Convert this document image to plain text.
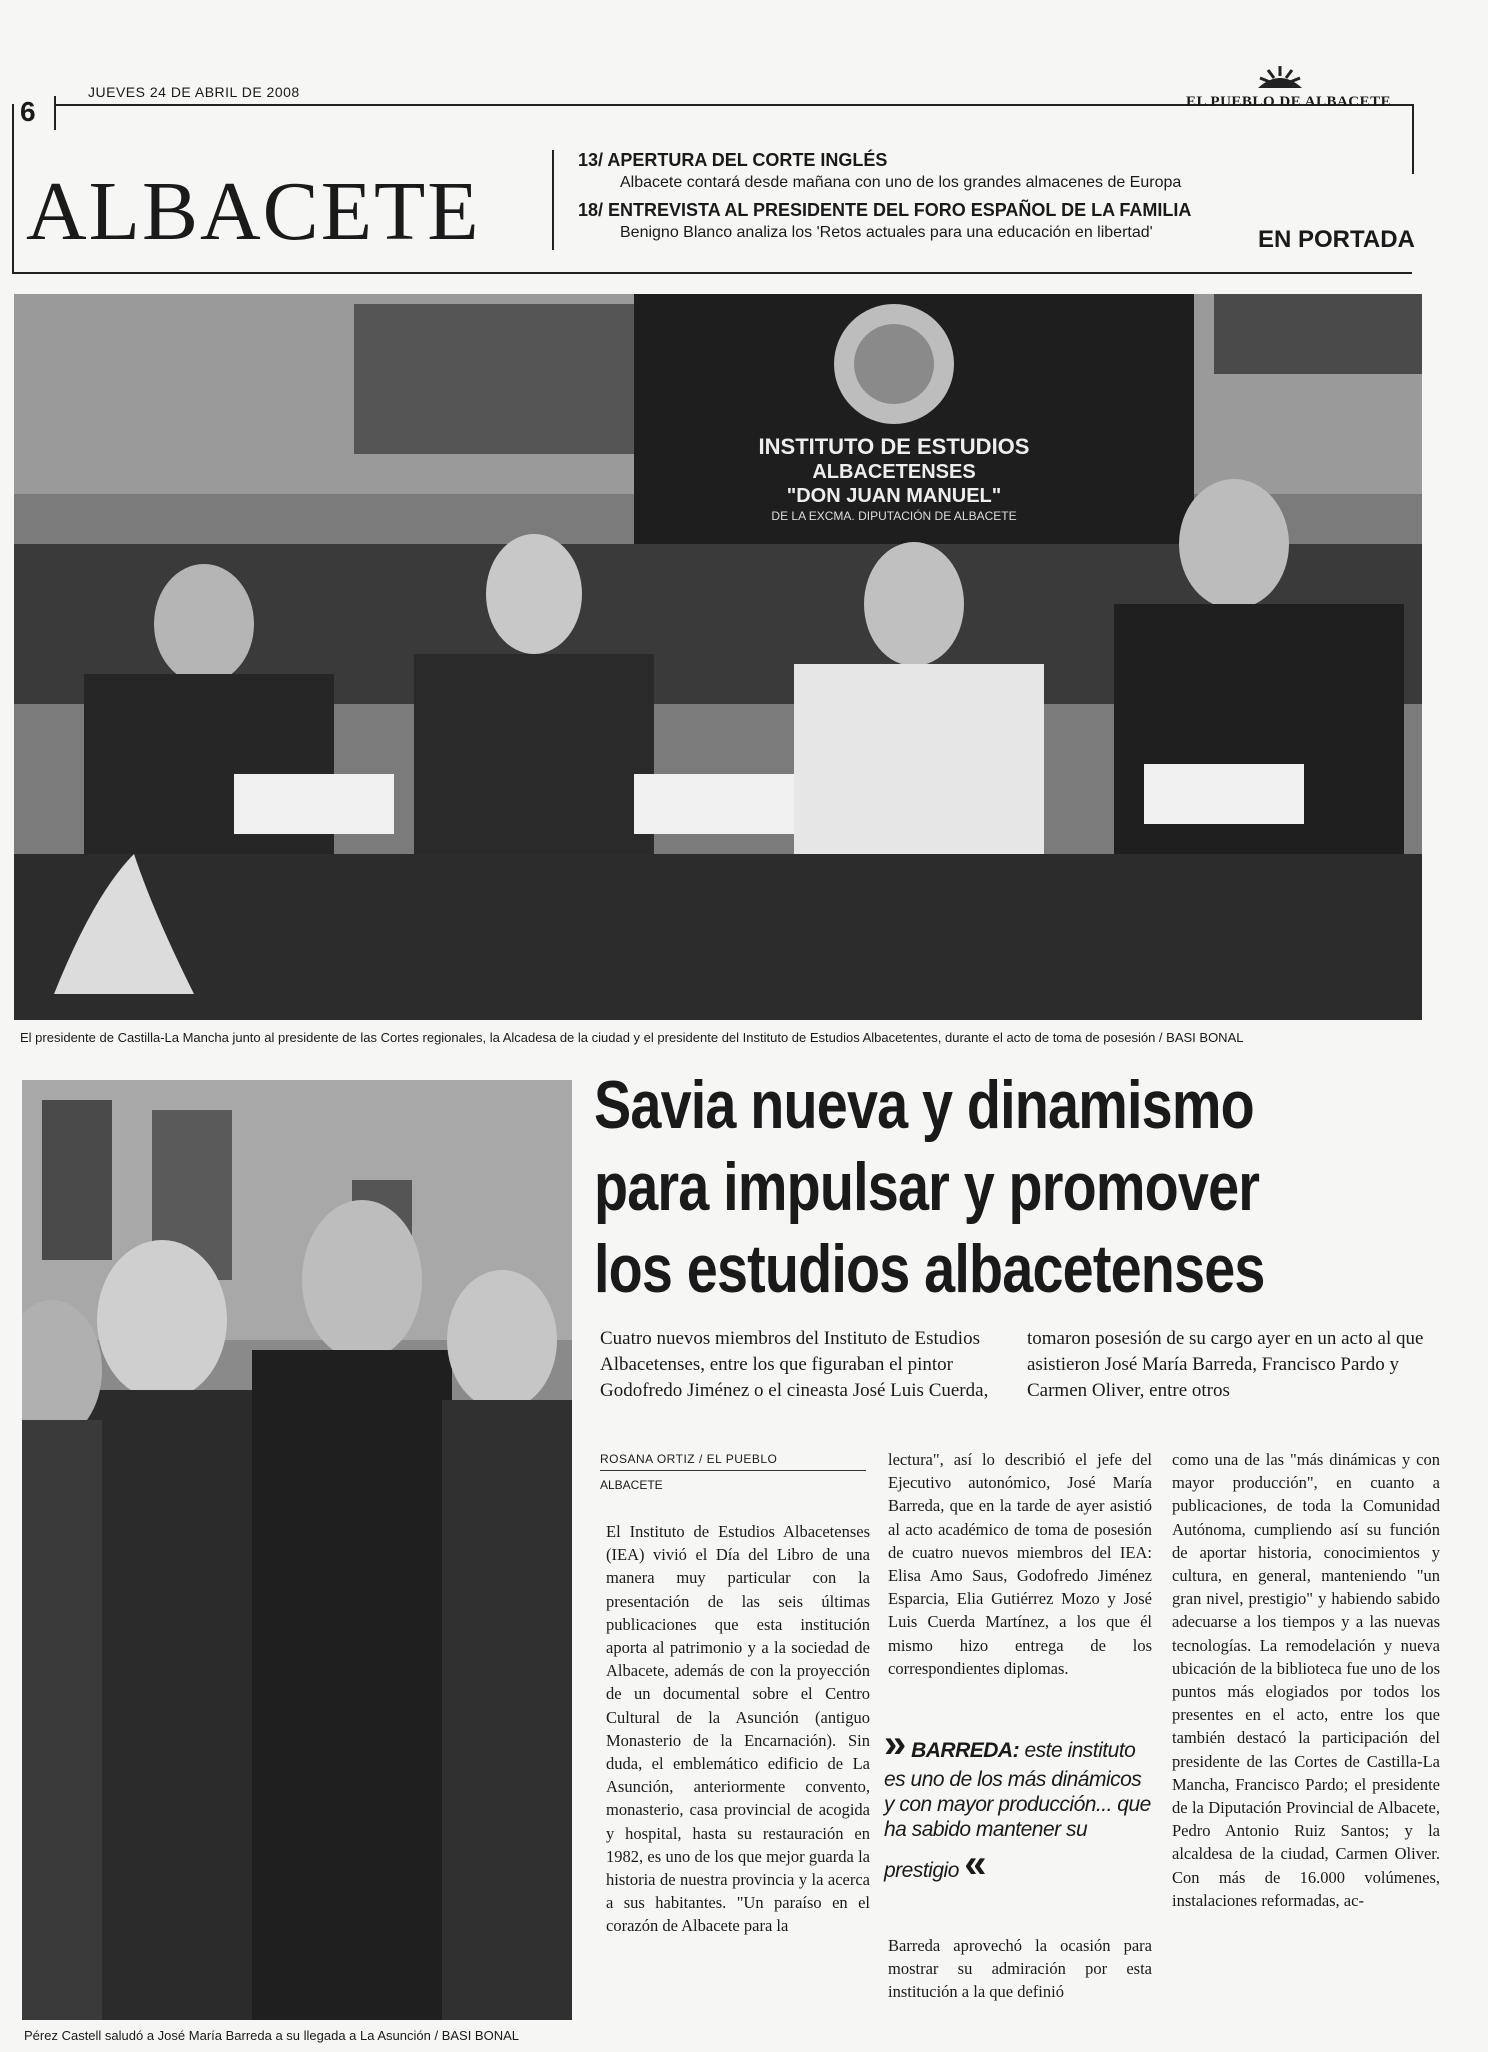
6
JUEVES 24 DE ABRIL DE 2008
EL PUEBLO DE ALBACETE
ALBACETE
13/ APERTURA DEL CORTE INGLÉS
Albacete contará desde mañana con uno de los grandes almacenes de Europa
18/ ENTREVISTA AL PRESIDENTE DEL FORO ESPAÑOL DE LA FAMILIA
Benigno Blanco analiza los 'Retos actuales para una educación en libertad'	EN PORTADA
INSTITUTO DE ESTUDIOS
ALBACETENSES
"DON JUAN MANUEL"
DE LA EXCMA. DIPUTACIÓN DE ALBACETE
El presidente de Castilla-La Mancha junto al presidente de las Cortes regionales, la Alcadesa de la ciudad y el presidente del Instituto de Estudios Albacetentes, durante el acto de toma de posesión / BASI BONAL
Pérez Castell saludó a José María Barreda a su llegada a La Asunción / BASI BONAL
Savia nueva y dinamismo
para impulsar y promover
los estudios albacetenses
Cuatro nuevos miembros del Instituto de Estudios Albacetenses, entre los que figuraban el pintor Godofredo Jiménez o el cineasta José Luis Cuerda, tomaron posesión de su cargo ayer en un acto al que asistieron José María Barreda, Francisco Pardo y Carmen Oliver, entre otros
ROSANA ORTIZ / EL PUEBLO
ALBACETE
El Instituto de Estudios Albacetenses (IEA) vivió el Día del Libro de una manera muy particular con la presentación de las seis últimas publicaciones que esta institución aporta al patrimonio y a la sociedad de Albacete, además de con la proyección de un documental sobre el Centro Cultural de la Asunción (antiguo Monasterio de la Encarnación). Sin duda, el emblemático edificio de La Asunción, anteriormente convento, monasterio, casa provincial de acogida y hospital, hasta su restauración en 1982, es uno de los que mejor guarda la historia de nuestra provincia y la acerca a sus habitantes. "Un paraíso en el corazón de Albacete para la
lectura", así lo describió el jefe del Ejecutivo autonómico, José María Barreda, que en la tarde de ayer asistió al acto académico de toma de posesión de cuatro nuevos miembros del IEA: Elisa Amo Saus, Godofredo Jiménez Esparcia, Elia Gutiérrez Mozo y José Luis Cuerda Martínez, a los que él mismo hizo entrega de los correspondientes diplomas.
» BARREDA: este instituto es uno de los más dinámicos y con mayor producción... que ha sabido mantener su prestigio «
Barreda aprovechó la ocasión para mostrar su admiración por esta institución a la que definió
como una de las "más dinámicas y con mayor producción", en cuanto a publicaciones, de toda la Comunidad Autónoma, cumpliendo así su función de aportar historia, conocimientos y cultura, en general, manteniendo "un gran nivel, prestigio" y habiendo sabido adecuarse a los tiempos y a las nuevas tecnologías. La remodelación y nueva ubicación de la biblioteca fue uno de los puntos más elogiados por todos los presentes en el acto, entre los que también destacó la participación del presidente de las Cortes de Castilla-La Mancha, Francisco Pardo; el presidente de la Diputación Provincial de Albacete, Pedro Antonio Ruiz Santos; y la alcaldesa de la ciudad, Carmen Oliver. Con más de 16.000 volúmenes, instalaciones reformadas, ac-
